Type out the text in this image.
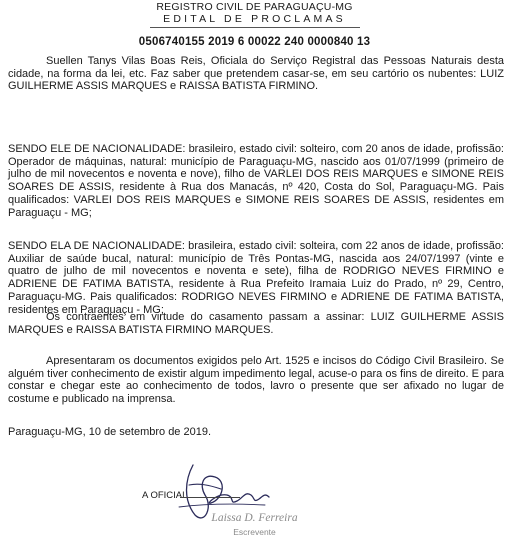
REGISTRO CIVIL DE PARAGUAÇU-MG
EDITAL DE PROCLAMAS
0506740155 2019 6 00022 240 0000840 13
Suellen Tanys Vilas Boas Reis, Oficiala do Serviço Registral das Pessoas Naturais desta cidade, na forma da lei, etc. Faz saber que pretendem casar-se, em seu cartório os nubentes: LUIZ GUILHERME ASSIS MARQUES e RAISSA BATISTA FIRMINO.
SENDO ELE DE NACIONALIDADE: brasileiro, estado civil: solteiro, com 20 anos de idade, profissão: Operador de máquinas, natural: município de Paraguaçu-MG, nascido aos 01/07/1999 (primeiro de julho de mil novecentos e noventa e nove), filho de VARLEI DOS REIS MARQUES e SIMONE REIS SOARES DE ASSIS, residente à Rua dos Manacás, nº 420, Costa do Sol, Paraguaçu-MG. Pais qualificados: VARLEI DOS REIS MARQUES e SIMONE REIS SOARES DE ASSIS, residentes em Paraguaçu - MG;
SENDO ELA DE NACIONALIDADE: brasileira, estado civil: solteira, com 22 anos de idade, profissão: Auxiliar de saúde bucal, natural: município de Três Pontas-MG, nascida aos 24/07/1997 (vinte e quatro de julho de mil novecentos e noventa e sete), filha de RODRIGO NEVES FIRMINO e ADRIENE DE FATIMA BATISTA, residente à Rua Prefeito Iramaia Luiz do Prado, nº 29, Centro, Paraguaçu-MG. Pais qualificados: RODRIGO NEVES FIRMINO e ADRIENE DE FATIMA BATISTA, residentes em Paraguaçu - MG;
Os contraentes em virtude do casamento passam a assinar: LUIZ GUILHERME ASSIS MARQUES e RAISSA BATISTA FIRMINO MARQUES.
Apresentaram os documentos exigidos pelo Art. 1525 e incisos do Código Civil Brasileiro. Se alguém tiver conhecimento de existir algum impedimento legal, acuse-o para os fins de direito. E para constar e chegar este ao conhecimento de todos, lavro o presente que ser afixado no lugar de costume e publicado na imprensa.
Paraguaçu-MG, 10 de setembro de 2019.
A OFICIAL
Laissa D. Ferreira
Escrevente
